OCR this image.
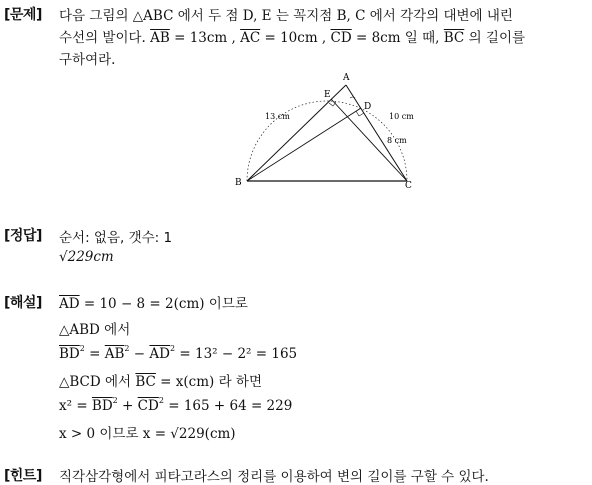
[문제] 다음 그림의 △ABC 에서 두 점 D, E 는 꼭지점 B, C 에서 각각의 대변에 내린
수선의 발이다. $\overline{AB} = 13cm$ , $\overline{AC} = 10cm$ , $\overline{CD} = 8cm$ 일 때, $\overline{BC}$ 의 길이를
구하여라.
A
B	C
D
E
13 cm	10 cm
8 cm
[정답] 순서: 없음, 갯수: 1
√229cm
[해설] $\overline{AD} = 10 - 8 = 2(cm)$ 이므로
△ABD 에서
$\overline{BD}^2 = \overline{AB}^2 - \overline{AD}^2 = 13^2 - 2^2 = 165$
△BCD 에서 $\overline{BC} = x(cm)$ 라 하면
$x^2 = \overline{BD}^2 + \overline{CD}^2 = 165 + 64 = 229$
x > 0 이므로 x = √229(cm)
[힌트] 직각삼각형에서 피타고라스의 정리를 이용하여 변의 길이를 구할 수 있다.
